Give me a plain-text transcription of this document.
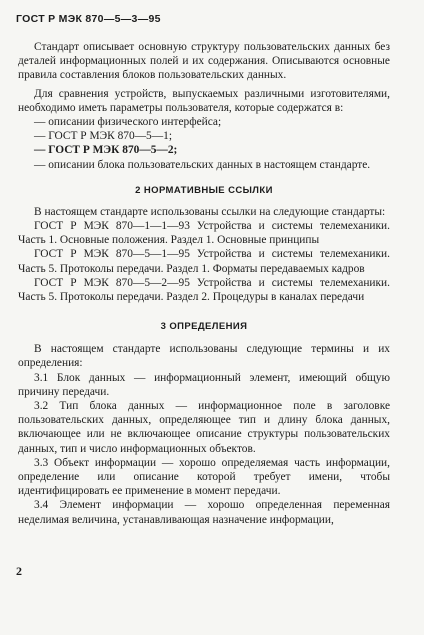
ГОСТ Р МЭК 870—5—3—95

Стандарт описывает основную структуру пользовательских данных без деталей информационных полей и их содержания. Описываются основные правила составления блоков пользовательских данных.

Для сравнения устройств, выпускаемых различными изготовителями, необходимо иметь параметры пользователя, которые содержатся в:

— описании физического интерфейса;

— ГОСТ Р МЭК 870—5—1;

— ГОСТ Р МЭК 870—5—2;

— описании блока пользовательских данных в настоящем стандарте.

2 НОРМАТИВНЫЕ ССЫЛКИ

В настоящем стандарте использованы ссылки на следующие стандарты:

ГОСТ Р МЭК 870—1—1—93 Устройства и системы телемеханики. Часть 1. Основные положения. Раздел 1. Основные принципы

ГОСТ Р МЭК 870—5—1—95 Устройства и системы телемеханики. Часть 5. Протоколы передачи. Раздел 1. Форматы передаваемых кадров

ГОСТ Р МЭК 870—5—2—95 Устройства и системы телемеханики. Часть 5. Протоколы передачи. Раздел 2. Процедуры в каналах передачи

3 ОПРЕДЕЛЕНИЯ

В настоящем стандарте использованы следующие термины и их определения:

3.1 Блок данных — информационный элемент, имеющий общую причину передачи.

3.2 Тип блока данных — информационное поле в заголовке пользовательских данных, определяющее тип и длину блока данных, включающее или не включающее описание структуры пользовательских данных, тип и число информационных объектов.

3.3 Объект информации — хорошо определяемая часть информации, определение или описание которой требует имени, чтобы идентифицировать ее применение в момент передачи.

3.4 Элемент информации — хорошо определенная переменная неделимая величина, устанавливающая назначение информации,

2
